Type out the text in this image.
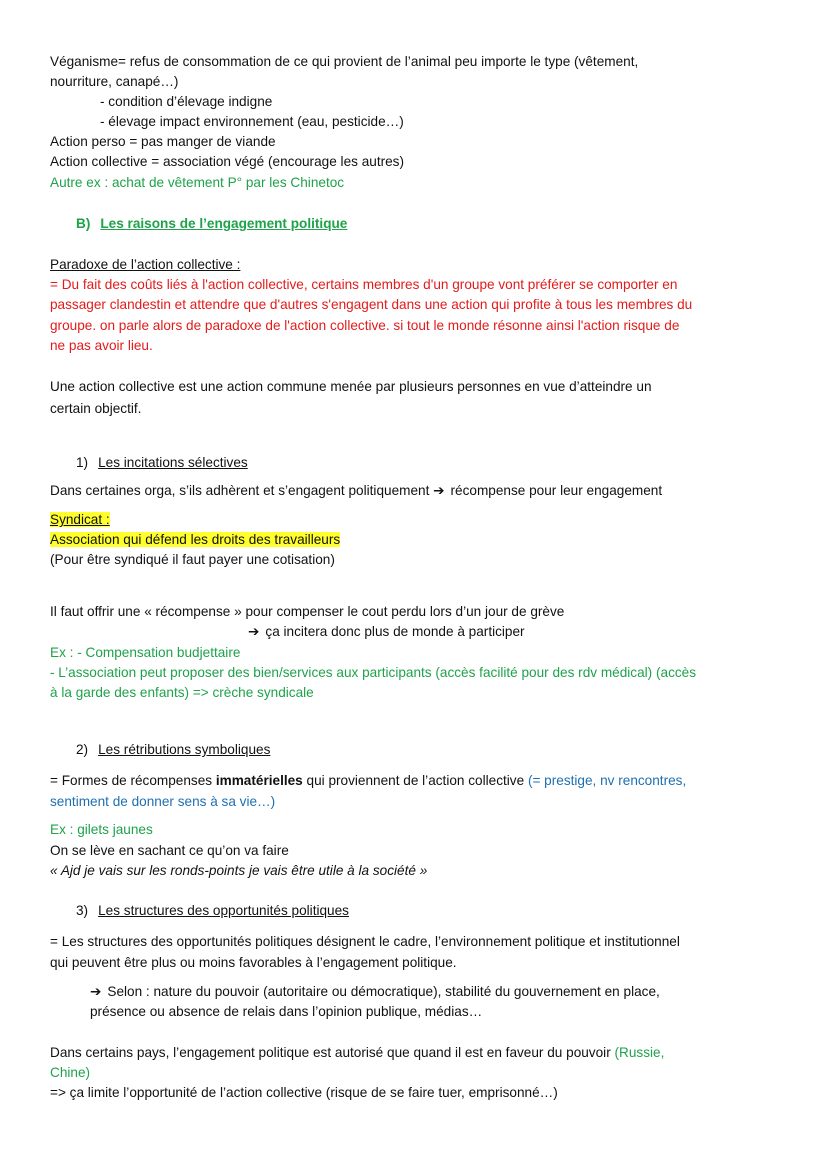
Véganisme= refus de consommation de ce qui provient de l’animal peu importe le type (vêtement,
nourriture, canapé…)
- condition d’élevage indigne
- élevage impact environnement (eau, pesticide…)
Action perso = pas manger de viande
Action collective = association végé (encourage les autres)
Autre ex : achat de vêtement P° par les Chinetoc
B) Les raisons de l’engagement politique
Paradoxe de l’action collective :
= Du fait des coûts liés à l'action collective, certains membres d'un groupe vont préférer se comporter en
passager clandestin et attendre que d'autres s'engagent dans une action qui profite à tous les membres du
groupe. on parle alors de paradoxe de l'action collective. si tout le monde résonne ainsi l'action risque de
ne pas avoir lieu.
Une action collective est une action commune menée par plusieurs personnes en vue d’atteindre un
certain objectif.
1) Les incitations sélectives
Dans certaines orga, s’ils adhèrent et s’engagent politiquement ➔ récompense pour leur engagement
Syndicat :
Association qui défend les droits des travailleurs
(Pour être syndiqué il faut payer une cotisation)
Il faut offrir une « récompense » pour compenser le cout perdu lors d’un jour de grève
➔ ça incitera donc plus de monde à participer
Ex : - Compensation budjettaire
- L’association peut proposer des bien/services aux participants (accès facilité pour des rdv médical) (accès
à la garde des enfants) => crèche syndicale
2) Les rétributions symboliques
= Formes de récompenses immatérielles qui proviennent de l’action collective (= prestige, nv rencontres,
sentiment de donner sens à sa vie…)
Ex : gilets jaunes
On se lève en sachant ce qu’on va faire
« Ajd je vais sur les ronds-points je vais être utile à la société »
3) Les structures des opportunités politiques
= Les structures des opportunités politiques désignent le cadre, l’environnement politique et institutionnel
qui peuvent être plus ou moins favorables à l’engagement politique.
➔ Selon : nature du pouvoir (autoritaire ou démocratique), stabilité du gouvernement en place,
présence ou absence de relais dans l’opinion publique, médias…
Dans certains pays, l’engagement politique est autorisé que quand il est en faveur du pouvoir (Russie,
Chine)
=> ça limite l’opportunité de l’action collective (risque de se faire tuer, emprisonné…)
